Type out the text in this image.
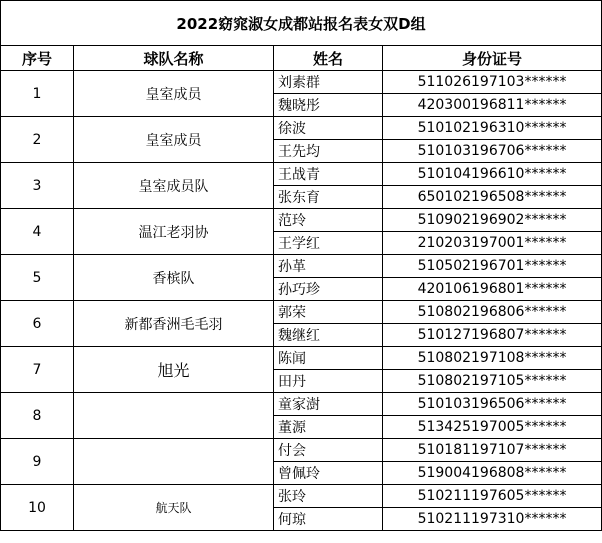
2022窈窕淑女成都站报名表女双D组			
序号	球队名称	姓名	身份证号
1	皇室成员	刘素群	511026197103******
		魏晓彤	420300196811******
2	皇室成员	徐波	510102196310******
		王先均	510103196706******
3	皇室成员队	王战青	510104196610******
		张东育	650102196508******
4	温江老羽协	范玲	510902196902******
		王学红	210203197001******
5	香槟队	孙革	510502196701******
		孙巧珍	420106196801******
6	新都香洲毛毛羽	郭荣	510802196806******
		魏继红	510127196807******
7	旭光	陈闻	510802197108******
		田丹	510802197105******
8		童家澍	510103196506******
		董源	513425197005******
9		付会	510181197107******
		曾佩玲	519004196808******
10	航天队	张玲	510211197605******
		何琼	510211197310******
